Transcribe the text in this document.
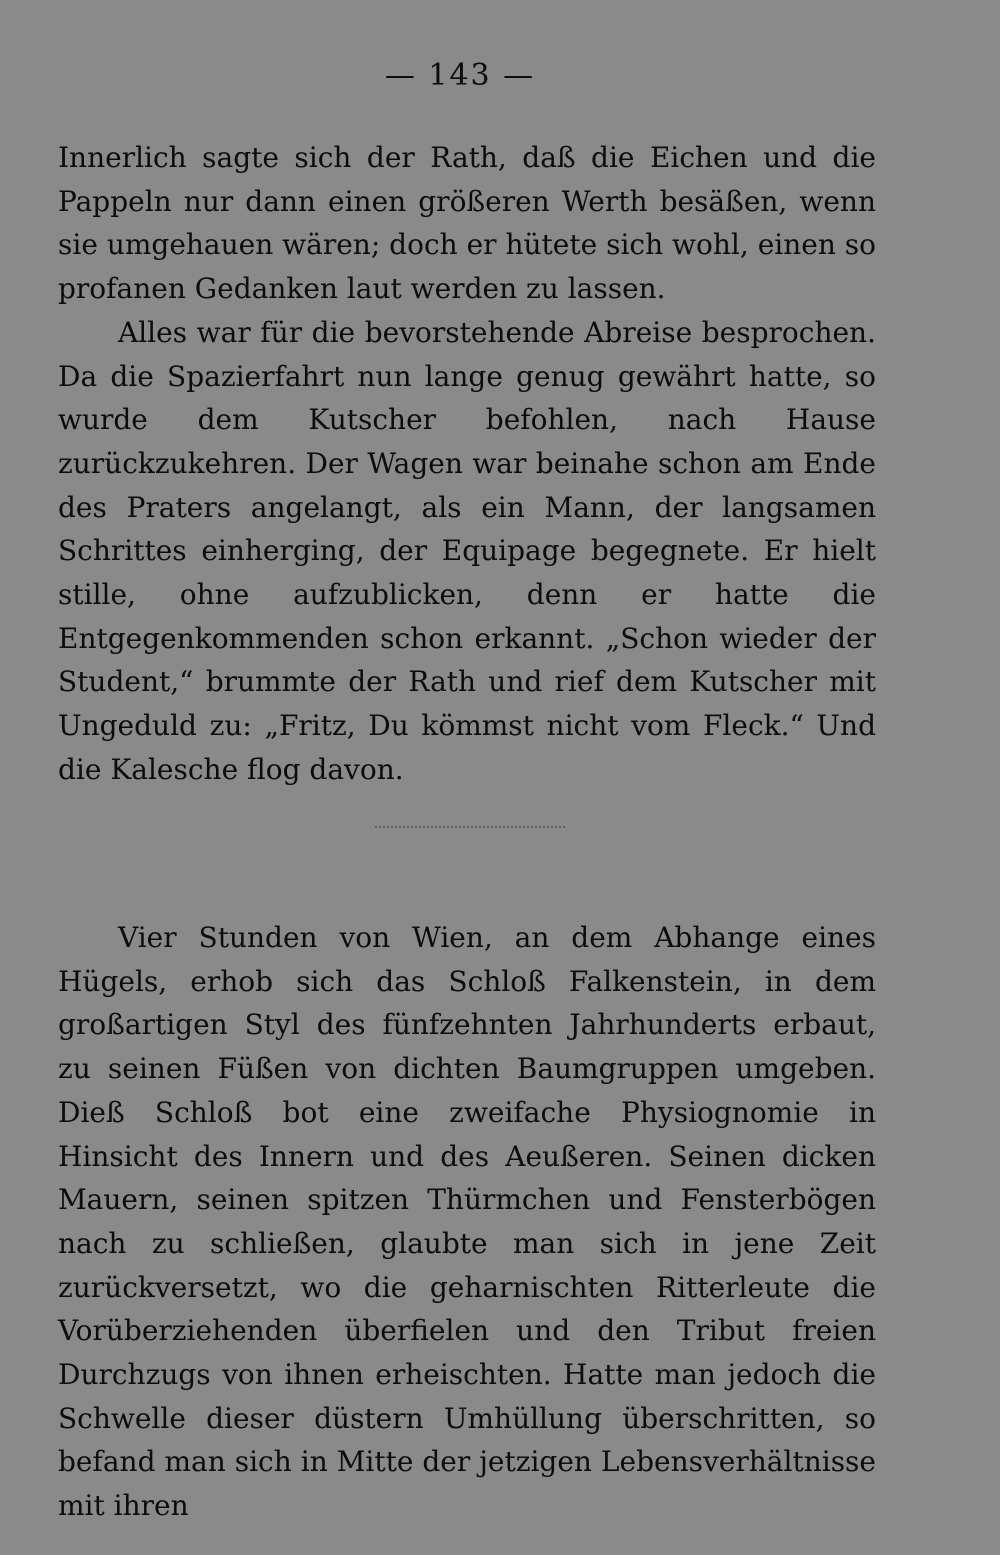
— 143 —

Innerlich sagte sich der Rath, daß die Eichen und die Pappeln nur dann einen größeren Werth besäßen, wenn sie umgehauen wären; doch er hütete sich wohl, einen so profanen Gedanken laut werden zu lassen.

Alles war für die bevorstehende Abreise besprochen. Da die Spazierfahrt nun lange genug gewährt hatte, so wurde dem Kutscher befohlen, nach Hause zurückzukehren. Der Wagen war beinahe schon am Ende des Praters angelangt, als ein Mann, der langsamen Schrittes einherging, der Equipage begegnete. Er hielt stille, ohne aufzublicken, denn er hatte die Entgegenkommenden schon erkannt. „Schon wieder der Student,“ brummte der Rath und rief dem Kutscher mit Ungeduld zu: „Fritz, Du kömmst nicht vom Fleck.“ Und die Kalesche flog davon.

Vier Stunden von Wien, an dem Abhange eines Hügels, erhob sich das Schloß Falkenstein, in dem großartigen Styl des fünfzehnten Jahrhunderts erbaut, zu seinen Füßen von dichten Baumgruppen umgeben. Dieß Schloß bot eine zweifache Physiognomie in Hinsicht des Innern und des Aeußeren. Seinen dicken Mauern, seinen spitzen Thürmchen und Fensterbögen nach zu schließen, glaubte man sich in jene Zeit zurückversetzt, wo die geharnischten Ritterleute die Vorüberziehenden überfielen und den Tribut freien Durchzugs von ihnen erheischten. Hatte man jedoch die Schwelle dieser düstern Umhüllung überschritten, so befand man sich in Mitte der jetzigen Lebensverhältnisse mit ihren
